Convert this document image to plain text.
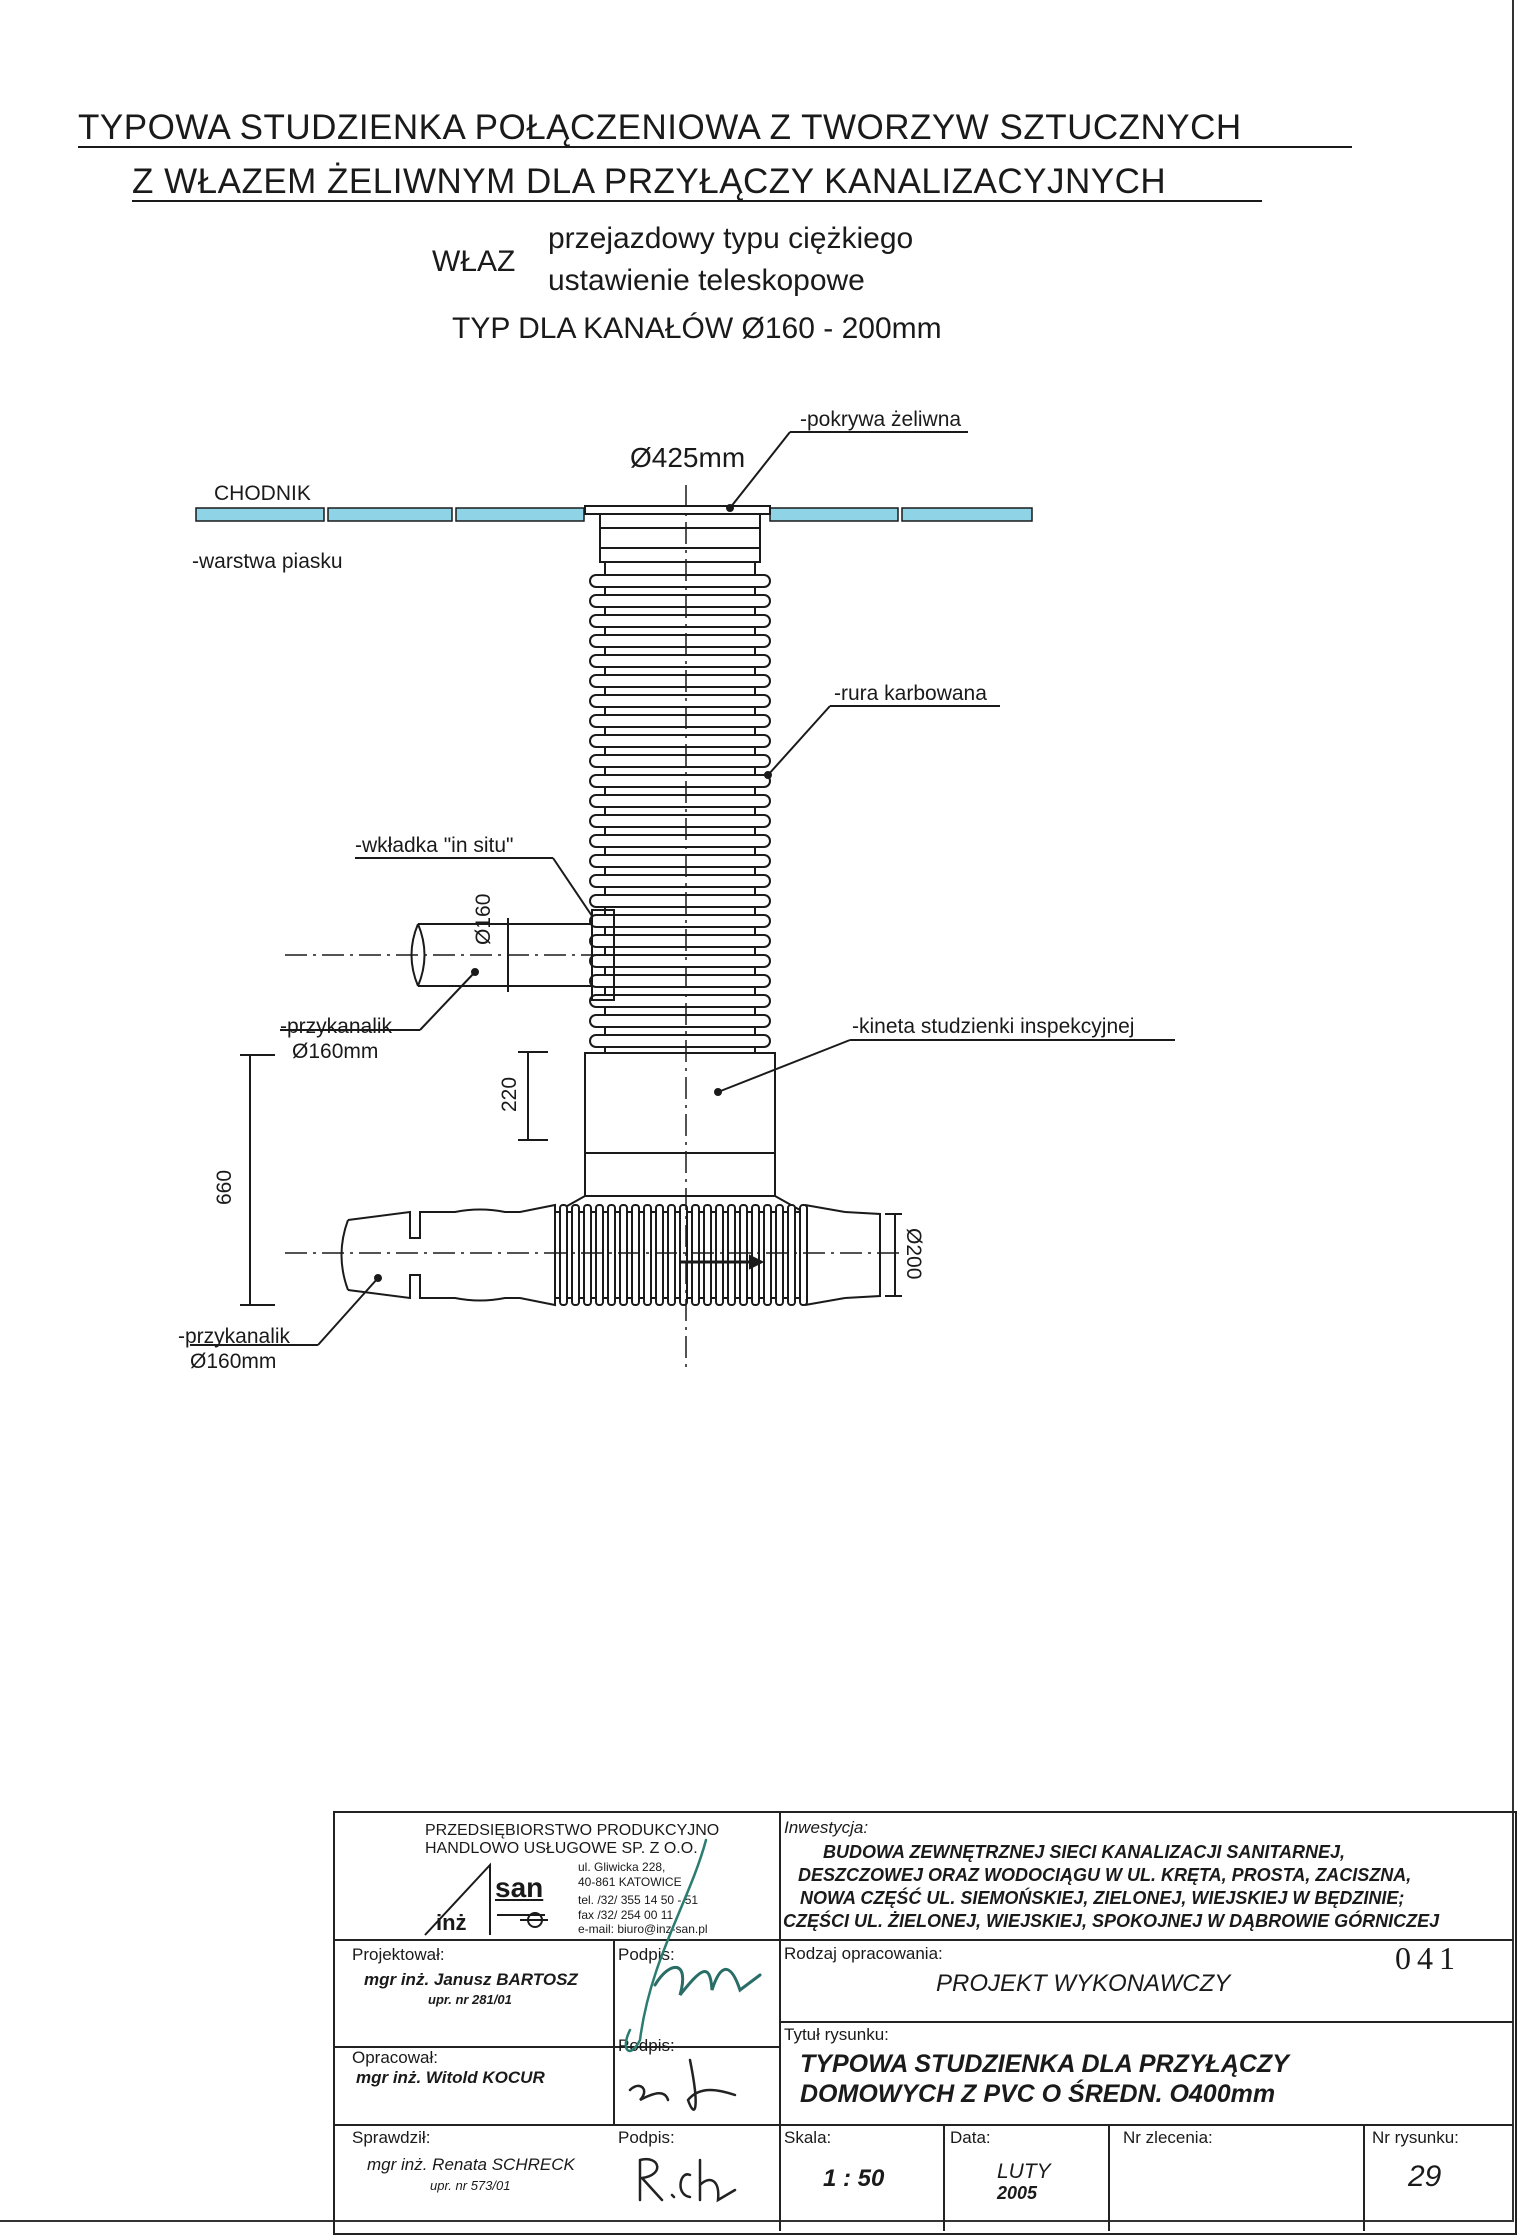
TYPOWA STUDZIENKA POŁĄCZENIOWA Z TWORZYW SZTUCZNYCH
Z WŁAZEM ŻELIWNYM DLA PRZYŁĄCZY KANALIZACYJNYCH
WŁAZ
przejazdowy typu ciężkiego
ustawienie teleskopowe
TYP DLA KANAŁÓW Ø160 - 200mm
-pokrywa żeliwna
Ø425mm
CHODNIK
-warstwa piasku
-rura karbowana
-wkładka "in situ"
-przykanalik
Ø160mm
-kineta studzienki inspekcyjnej
-przykanalik
Ø160mm
Ø160
220
660
Ø200
PRZEDSIĘBIORSTWO PRODUKCYJNO
HANDLOWO USŁUGOWE SP. Z O.O.
ul. Gliwicka 228,
40-861 KATOWICE
tel. /32/ 355 14 50 - 51
fax /32/ 254 00 11
e-mail: biuro@inz-san.pl
san
inż
Inwestycja:
BUDOWA ZEWNĘTRZNEJ SIECI KANALIZACJI SANITARNEJ,
DESZCZOWEJ ORAZ WODOCIĄGU W UL. KRĘTA, PROSTA, ZACISZNA,
NOWA CZĘŚĆ UL. SIEMOŃSKIEJ, ZIELONEJ, WIEJSKIEJ W BĘDZINIE;
CZĘŚCI UL. ŻIELONEJ, WIEJSKIEJ, SPOKOJNEJ W DĄBROWIE GÓRNICZEJ
Projektował:
mgr inż. Janusz BARTOSZ
upr. nr 281/01
Podpis:	Rodzaj opracowania:
PROJEKT WYKONAWCZY
041
Opracował:
mgr inż. Witold KOCUR
Podpis:
Tytuł rysunku:
TYPOWA STUDZIENKA DLA PRZYŁĄCZY
DOMOWYCH Z PVC O ŚREDN. O400mm
Sprawdził:
mgr inż. Renata SCHRECK
upr. nr 573/01
Podpis:	Skala:
1 : 50
Data:
LUTY
2005
Nr zlecenia:	Nr rysunku:
29
